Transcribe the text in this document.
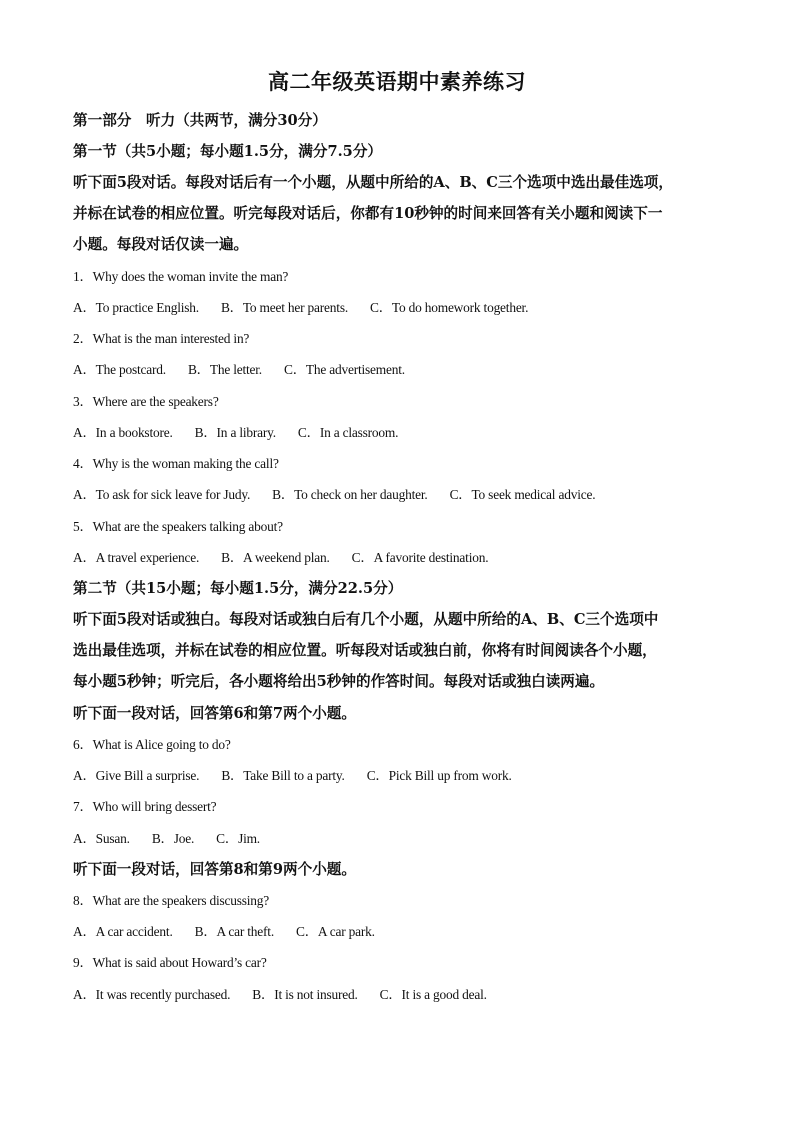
高二年级英语期中素养练习
第一部分　听力（共两节，满分30分）
第一节（共5小题；每小题1.5分，满分7.5分）
听下面5段对话。每段对话后有一个小题，从题中所给的A、B、C三个选项中选出最佳选项，
并标在试卷的相应位置。听完每段对话后，你都有10秒钟的时间来回答有关小题和阅读下一
小题。每段对话仅读一遍。
1．Why does the woman invite the man?
A．To practice English. B．To meet her parents. C．To do homework together.
2．What is the man interested in?
A．The postcard. B．The letter. C．The advertisement.
3．Where are the speakers?
A．In a bookstore. B．In a library. C．In a classroom.
4．Why is the woman making the call?
A．To ask for sick leave for Judy. B．To check on her daughter. C．To seek medical advice.
5．What are the speakers talking about?
A．A travel experience. B．A weekend plan. C．A favorite destination.
第二节（共15小题；每小题1.5分，满分22.5分）
听下面5段对话或独白。每段对话或独白后有几个小题，从题中所给的A、B、C三个选项中
选出最佳选项，并标在试卷的相应位置。听每段对话或独白前，你将有时间阅读各个小题，
每小题5秒钟；听完后，各小题将给出5秒钟的作答时间。每段对话或独白读两遍。
听下面一段对话，回答第6和第7两个小题。
6．What is Alice going to do?
A．Give Bill a surprise. B．Take Bill to a party. C．Pick Bill up from work.
7．Who will bring dessert?
A．Susan. B．Joe. C．Jim.
听下面一段对话，回答第8和第9两个小题。
8．What are the speakers discussing?
A．A car accident. B．A car theft. C．A car park.
9．What is said about Howard’s car?
A．It was recently purchased. B．It is not insured. C．It is a good deal.
